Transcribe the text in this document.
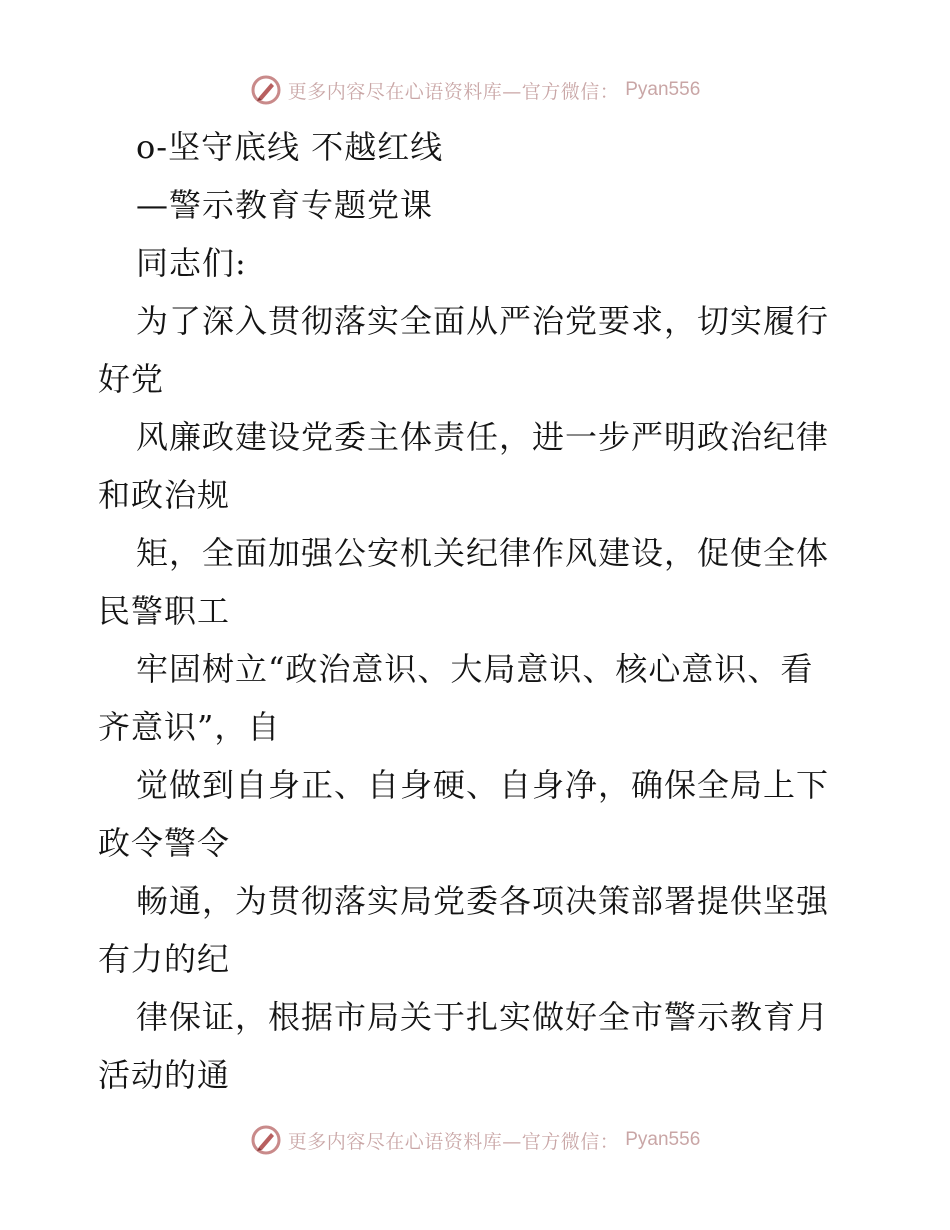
更多内容尽在心语资料库—官方微信： Pyan556
o-坚守底线 不越红线
—警示教育专题党课
同志们:
为了深入贯彻落实全面从严治党要求，切实履行
好党
风廉政建设党委主体责任，进一步严明政治纪律
和政治规
矩，全面加强公安机关纪律作风建设，促使全体
民警职工
牢固树立“政治意识、大局意识、核心意识、看
齐意识”，自
觉做到自身正、自身硬、自身净，确保全局上下
政令警令
畅通，为贯彻落实局党委各项决策部署提供坚强
有力的纪
律保证，根据市局关于扎实做好全市警示教育月
活动的通
更多内容尽在心语资料库—官方微信： Pyan556
